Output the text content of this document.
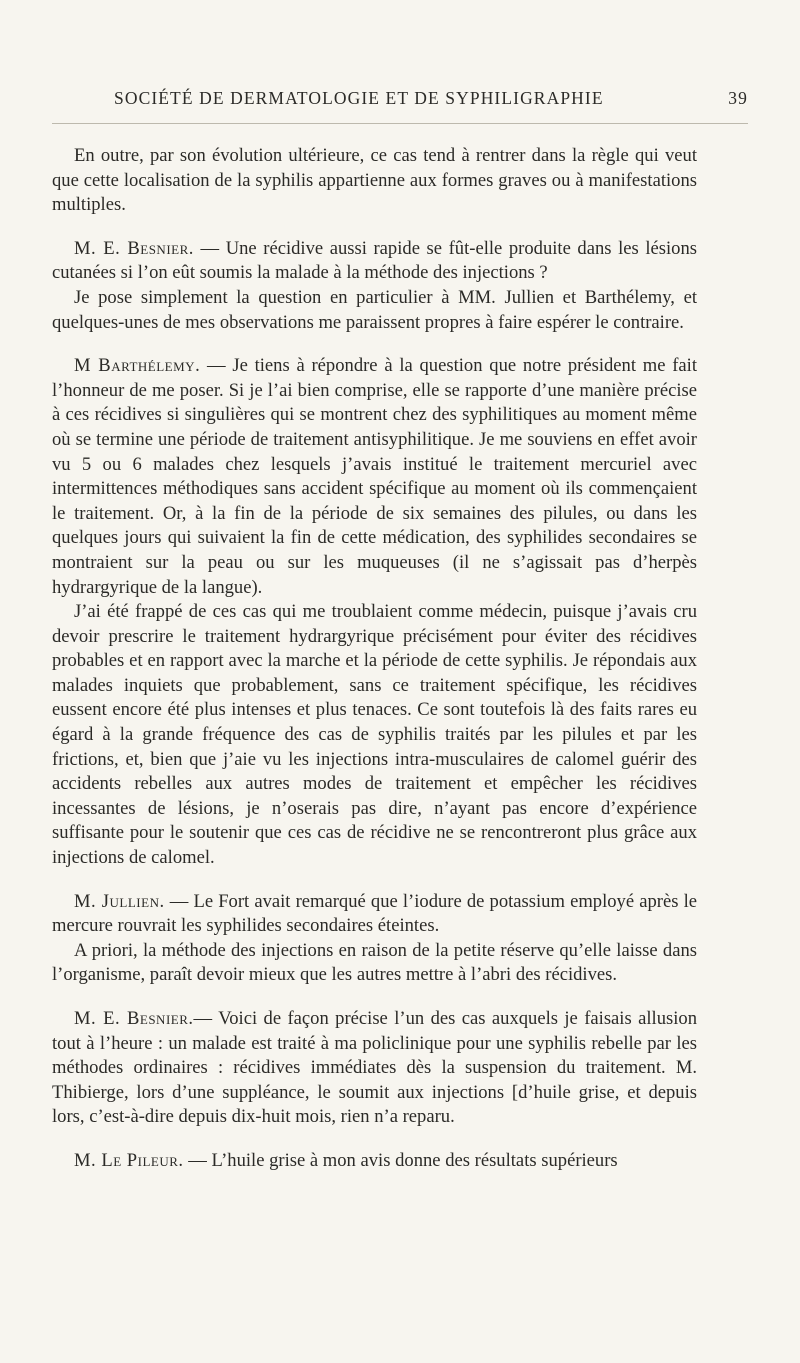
SOCIÉTÉ DE DERMATOLOGIE ET DE SYPHILIGRAPHIE	39

En outre, par son évolution ultérieure, ce cas tend à rentrer dans la règle qui veut que cette localisation de la syphilis appartienne aux formes graves ou à manifestations multiples.

M. E. Besnier. — Une récidive aussi rapide se fût-elle produite dans les lésions cutanées si l’on eût soumis la malade à la méthode des injections ?

Je pose simplement la question en particulier à MM. Jullien et Barthélemy, et quelques-unes de mes observations me paraissent propres à faire espérer le contraire.

M Barthélemy. — Je tiens à répondre à la question que notre président me fait l’honneur de me poser. Si je l’ai bien comprise, elle se rapporte d’une manière précise à ces récidives si singulières qui se montrent chez des syphilitiques au moment même où se termine une période de traitement antisyphilitique. Je me souviens en effet avoir vu 5 ou 6 malades chez lesquels j’avais institué le traitement mercuriel avec intermittences méthodiques sans accident spécifique au moment où ils commençaient le traitement. Or, à la fin de la période de six semaines des pilules, ou dans les quelques jours qui suivaient la fin de cette médication, des syphilides secondaires se montraient sur la peau ou sur les muqueuses (il ne s’agissait pas d’herpès hydrargyrique de la langue).

J’ai été frappé de ces cas qui me troublaient comme médecin, puisque j’avais cru devoir prescrire le traitement hydrargyrique précisément pour éviter des récidives probables et en rapport avec la marche et la période de cette syphilis. Je répondais aux malades inquiets que probablement, sans ce traitement spécifique, les récidives eussent encore été plus intenses et plus tenaces. Ce sont toutefois là des faits rares eu égard à la grande fréquence des cas de syphilis traités par les pilules et par les frictions, et, bien que j’aie vu les injections intra-musculaires de calomel guérir des accidents rebelles aux autres modes de traitement et empêcher les récidives incessantes de lésions, je n’oserais pas dire, n’ayant pas encore d’expérience suffisante pour le soutenir que ces cas de récidive ne se rencontreront plus grâce aux injections de calomel.

M. Jullien. — Le Fort avait remarqué que l’iodure de potassium employé après le mercure rouvrait les syphilides secondaires éteintes.

A priori, la méthode des injections en raison de la petite réserve qu’elle laisse dans l’organisme, paraît devoir mieux que les autres mettre à l’abri des récidives.

M. E. Besnier.— Voici de façon précise l’un des cas auxquels je faisais allusion tout à l’heure : un malade est traité à ma policlinique pour une syphilis rebelle par les méthodes ordinaires : récidives immédiates dès la suspension du traitement. M. Thibierge, lors d’une suppléance, le soumit aux injections [d’huile grise, et depuis lors, c’est-à-dire depuis dix-huit mois, rien n’a reparu.

M. Le Pileur. — L’huile grise à mon avis donne des résultats supérieurs
